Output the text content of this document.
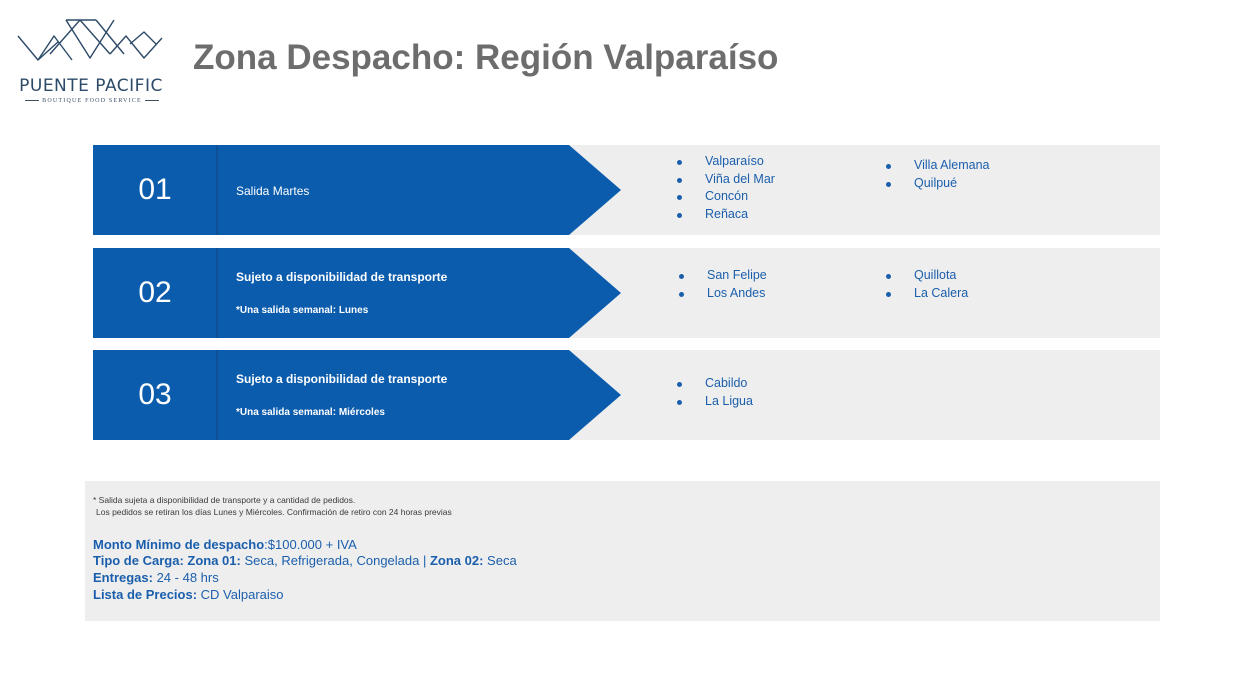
PUENTE PACIFIC
BOUTIQUE FOOD SERVICE
Zona Despacho: Región Valparaíso
01	Salida Martes
Valparaíso
Viña del Mar
Concón
Reñaca
Villa Alemana
Quilpué
02	Sujeto a disponibilidad de transporte
*Una salida semanal: Lunes
San Felipe
Los Andes
Quillota
La Calera
03	Sujeto a disponibilidad de transporte
*Una salida semanal: Miércoles
Cabildo
La Ligua
* Salida sujeta a disponibilidad de transporte y a cantidad de pedidos.
Los pedidos se retiran los días Lunes y Miércoles. Confirmación de retiro con 24 horas previas
Monto Mínimo de despacho:$100.000 + IVA
Tipo de Carga: Zona 01: Seca, Refrigerada, Congelada | Zona 02: Seca
Entregas: 24 - 48 hrs
Lista de Precios: CD Valparaiso
